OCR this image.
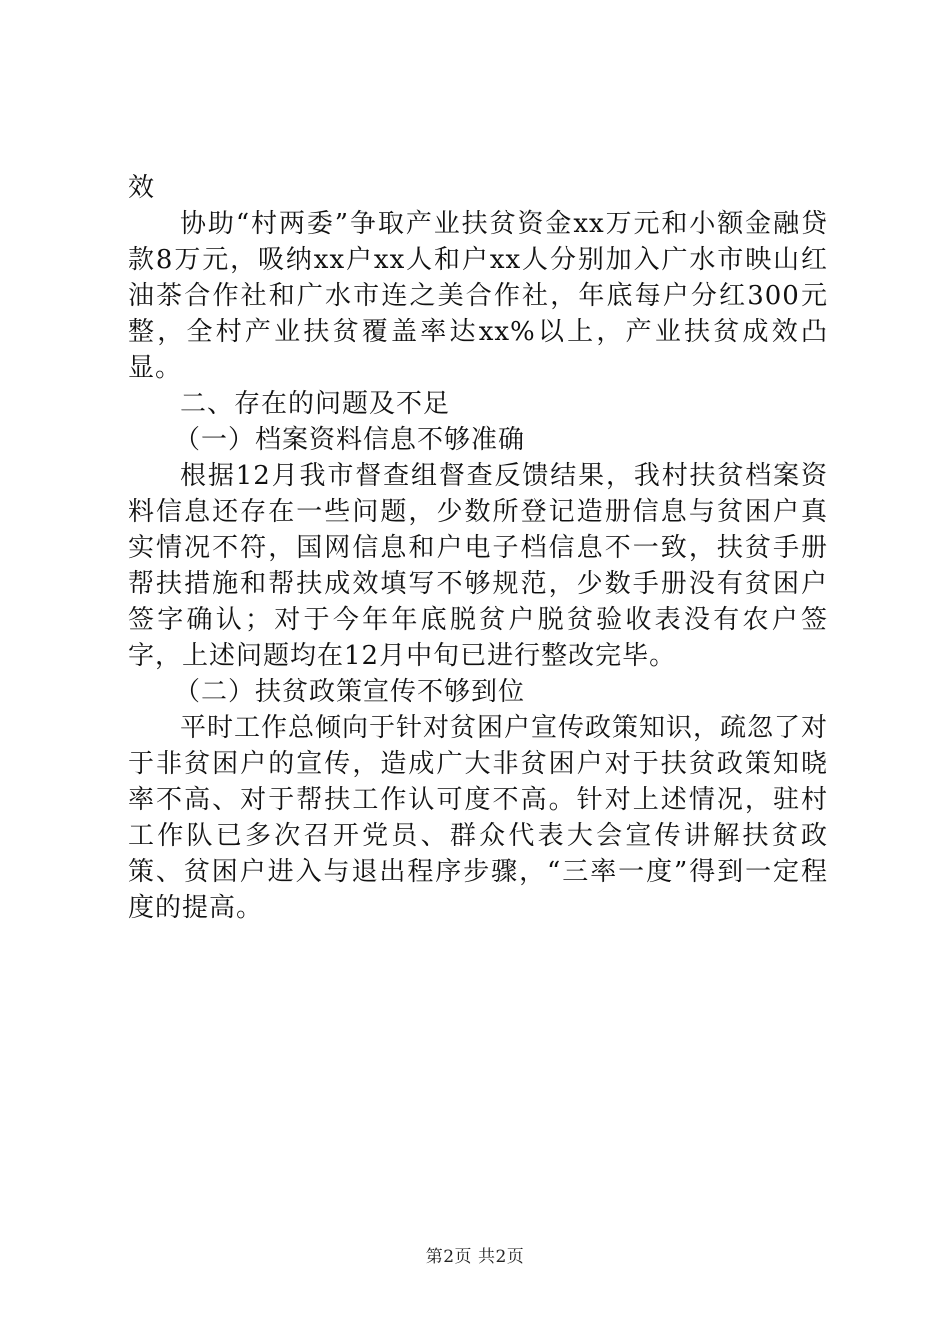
效

协助“村两委”争取产业扶贫资金xx万元和小额金融贷款8万元，吸纳xx户xx人和户xx人分别加入广水市映山红油茶合作社和广水市连之美合作社，年底每户分红300元整，全村产业扶贫覆盖率达xx%以上，产业扶贫成效凸显。

二、存在的问题及不足

（一）档案资料信息不够准确

根据12月我市督查组督查反馈结果，我村扶贫档案资料信息还存在一些问题，少数所登记造册信息与贫困户真实情况不符，国网信息和户电子档信息不一致，扶贫手册帮扶措施和帮扶成效填写不够规范，少数手册没有贫困户签字确认；对于今年年底脱贫户脱贫验收表没有农户签字，上述问题均在12月中旬已进行整改完毕。

（二）扶贫政策宣传不够到位

平时工作总倾向于针对贫困户宣传政策知识，疏忽了对于非贫困户的宣传，造成广大非贫困户对于扶贫政策知晓率不高、对于帮扶工作认可度不高。针对上述情况，驻村工作队已多次召开党员、群众代表大会宣传讲解扶贫政策、贫困户进入与退出程序步骤，“三率一度”得到一定程度的提高。

第2页 共2页
